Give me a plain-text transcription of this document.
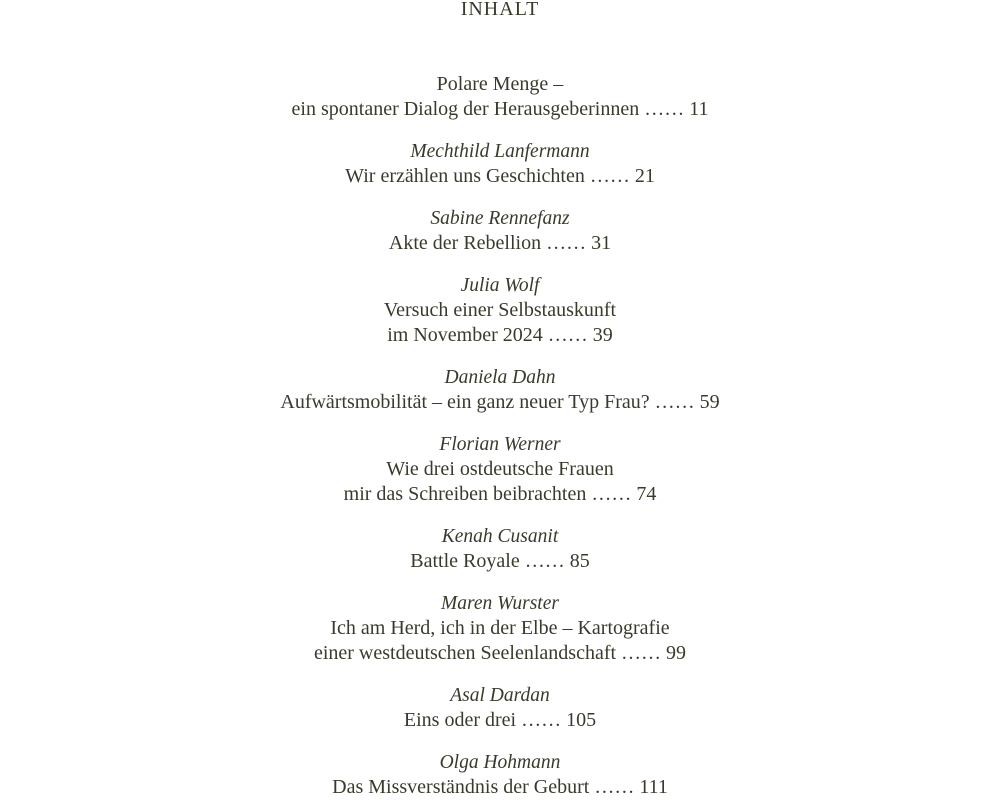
INHALT
Polare Menge –
ein spontaner Dialog der Herausgeberinnen …… 11
Mechthild Lanfermann
Wir erzählen uns Geschichten …… 21
Sabine Rennefanz
Akte der Rebellion …… 31
Julia Wolf
Versuch einer Selbstauskunft
im November 2024 …… 39
Daniela Dahn
Aufwärtsmobilität – ein ganz neuer Typ Frau? …… 59
Florian Werner
Wie drei ostdeutsche Frauen
mir das Schreiben beibrachten …… 74
Kenah Cusanit
Battle Royale …… 85
Maren Wurster
Ich am Herd, ich in der Elbe – Kartografie
einer westdeutschen Seelenlandschaft …… 99
Asal Dardan
Eins oder drei …… 105
Olga Hohmann
Das Missverständnis der Geburt …… 111
